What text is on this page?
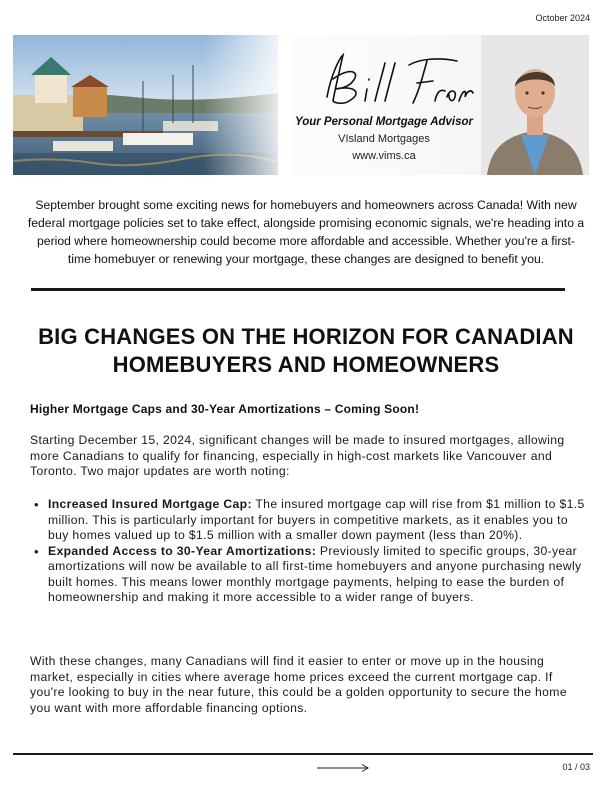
October 2024
Your Personal Mortgage Advisor
VIsland Mortgages
www.vims.ca

September brought some exciting news for homebuyers and homeowners across Canada! With new federal mortgage policies set to take effect, alongside promising economic signals, we're heading into a period where homeownership could become more affordable and accessible. Whether you're a first-time homebuyer or renewing your mortgage, these changes are designed to benefit you.

BIG CHANGES ON THE HORIZON FOR CANADIAN HOMEBUYERS AND HOMEOWNERS
Higher Mortgage Caps and 30-Year Amortizations – Coming Soon!

Starting December 15, 2024, significant changes will be made to insured mortgages, allowing more Canadians to qualify for financing, especially in high-cost markets like Vancouver and Toronto. Two major updates are worth noting:

• Increased Insured Mortgage Cap: The insured mortgage cap will rise from $1 million to $1.5 million. This is particularly important for buyers in competitive markets, as it enables you to buy homes valued up to $1.5 million with a smaller down payment (less than 20%).
• Expanded Access to 30-Year Amortizations: Previously limited to specific groups, 30-year amortizations will now be available to all first-time homebuyers and anyone purchasing newly built homes. This means lower monthly mortgage payments, helping to ease the burden of homeownership and making it more accessible to a wider range of buyers.

With these changes, many Canadians will find it easier to enter or move up in the housing market, especially in cities where average home prices exceed the current mortgage cap. If you're looking to buy in the near future, this could be a golden opportunity to secure the home you want with more affordable financing options.

01 / 03
